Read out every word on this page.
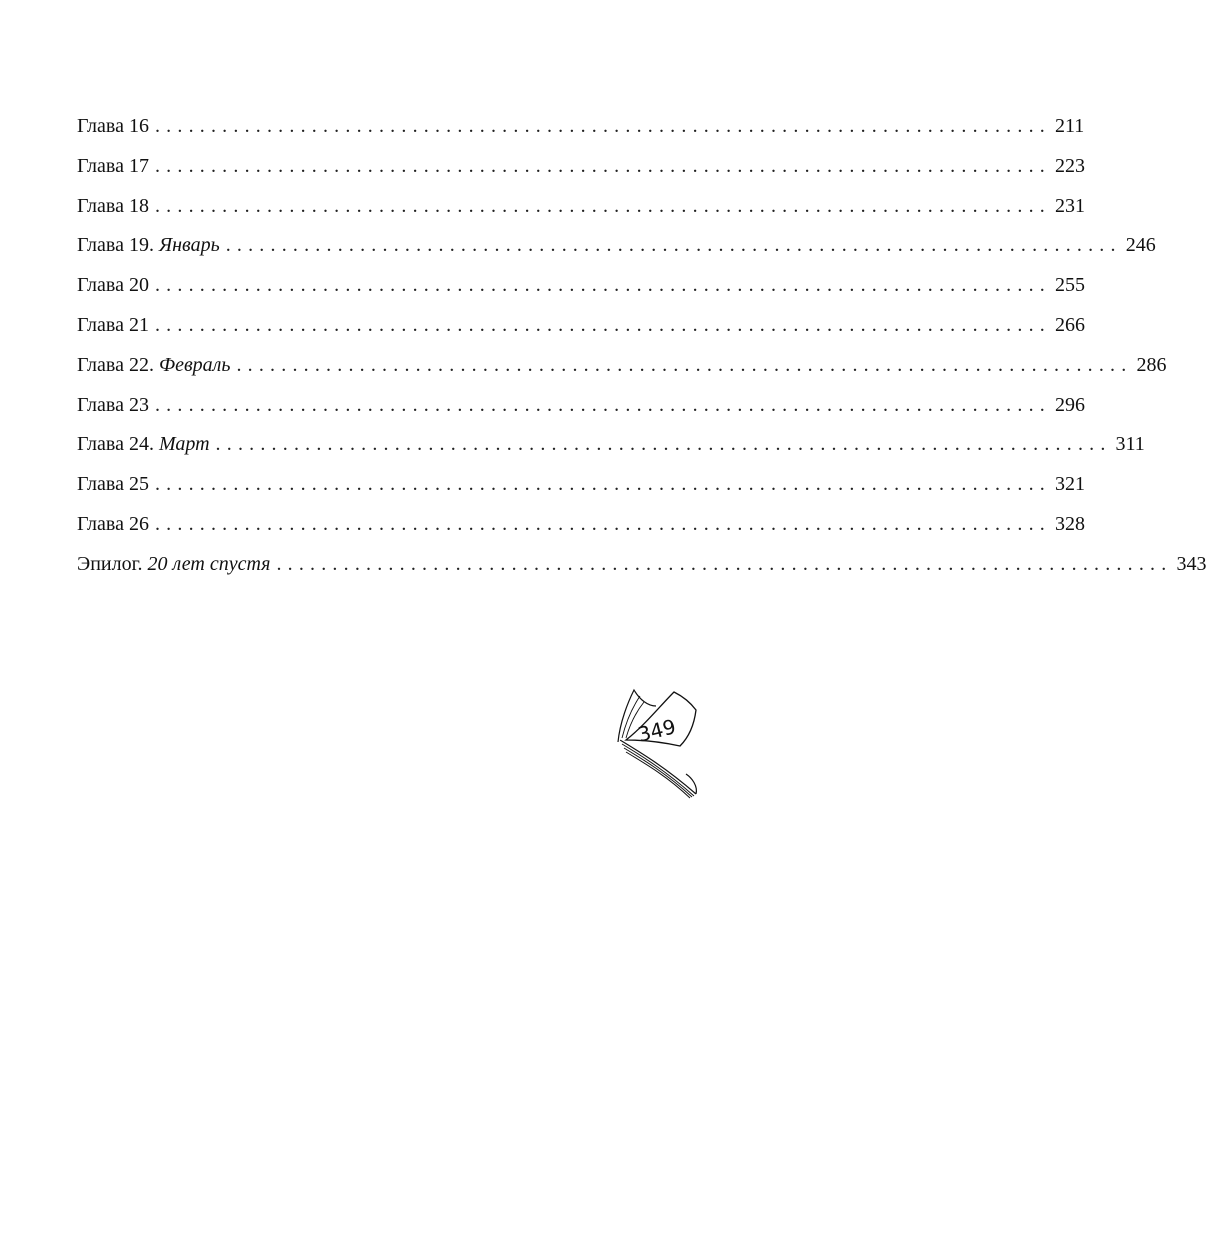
Глава 16 ................................................................................ 211
Глава 17 ................................................................................ 223
Глава 18 ................................................................................ 231
Глава 19.
Январь ................................................................................ 246
Глава 20 ................................................................................ 255
Глава 21 ................................................................................ 266
Глава 22.
Февраль ................................................................................ 286
Глава 23 ................................................................................ 296
Глава 24.
Март ................................................................................ 311
Глава 25 ................................................................................ 321
Глава 26 ................................................................................ 328
Эпилог.
20 лет спустя ................................................................................ 343
349
